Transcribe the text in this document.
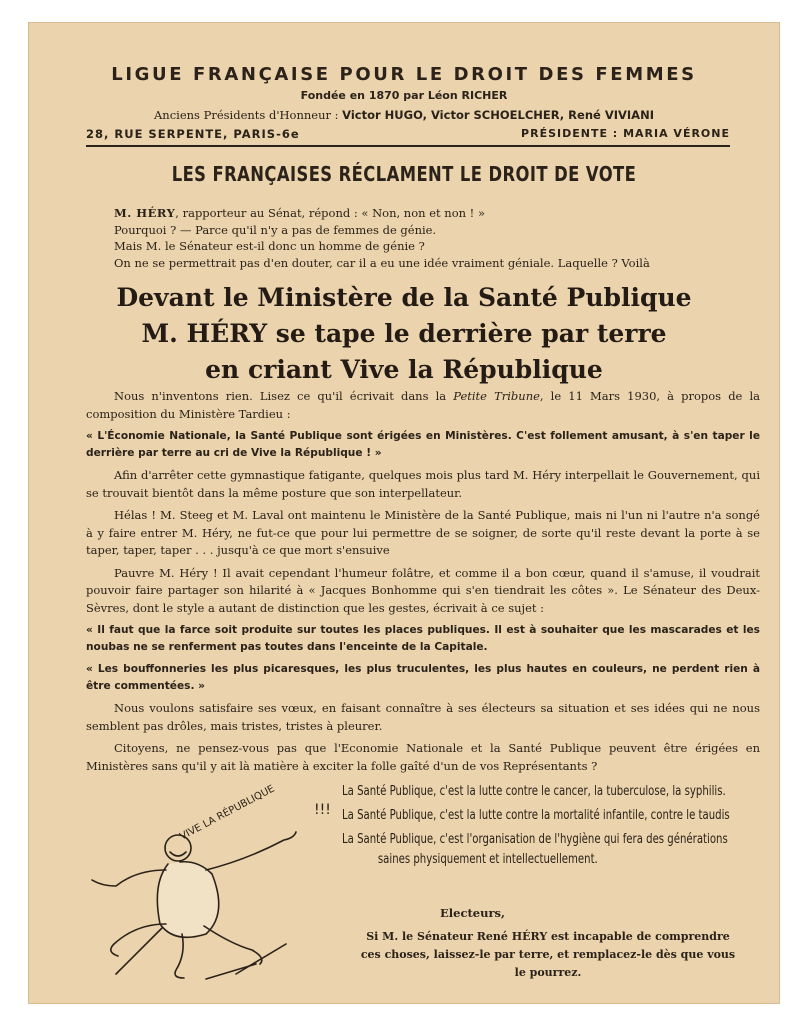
LIGUE FRANÇAISE POUR LE DROIT DES FEMMES
Fondée en 1870 par Léon RICHER
Anciens Présidents d'Honneur : Victor HUGO, Victor SCHOELCHER, René VIVIANI
28, RUE SERPENTE, PARIS-6e	PRÉSIDENTE : MARIA VÉRONE
LES FRANÇAISES RÉCLAMENT LE DROIT DE VOTE

M. HÉRY, rapporteur au Sénat, répond : « Non, non et non ! »

Pourquoi ? — Parce qu'il n'y a pas de femmes de génie.

Mais M. le Sénateur est-il donc un homme de génie ?

On ne se permettrait pas d'en douter, car il a eu une idée vraiment géniale. Laquelle ? Voilà

Devant le Ministère de la Santé Publique
M. HÉRY se tape le derrière par terre
en criant Vive la République

Nous n'inventons rien. Lisez ce qu'il écrivait dans la Petite Tribune, le 11 Mars 1930, à propos de la composition du Ministère Tardieu :

« L'Économie Nationale, la Santé Publique sont érigées en Ministères. C'est follement amusant, à s'en taper le derrière par terre au cri de Vive la République ! »

Afin d'arrêter cette gymnastique fatigante, quelques mois plus tard M. Héry interpellait le Gouvernement, qui se trouvait bientôt dans la même posture que son interpellateur.

Hélas ! M. Steeg et M. Laval ont maintenu le Ministère de la Santé Publique, mais ni l'un ni l'autre n'a songé à y faire entrer M. Héry, ne fut-ce que pour lui permettre de se soigner, de sorte qu'il reste devant la porte à se taper, taper, taper . . . jusqu'à ce que mort s'ensuive

Pauvre M. Héry ! Il avait cependant l'humeur folâtre, et comme il a bon cœur, quand il s'amuse, il voudrait pouvoir faire partager son hilarité à « Jacques Bonhomme qui s'en tiendrait les côtes ». Le Sénateur des Deux-Sèvres, dont le style a autant de distinction que les gestes, écrivait à ce sujet :

« Il faut que la farce soit produite sur toutes les places publiques. Il est à souhaiter que les mascarades et les noubas ne se renferment pas toutes dans l'enceinte de la Capitale.

« Les bouffonneries les plus picaresques, les plus truculentes, les plus hautes en couleurs, ne perdent rien à être commentées. »

Nous voulons satisfaire ses vœux, en faisant connaître à ses électeurs sa situation et ses idées qui ne nous semblent pas drôles, mais tristes, tristes à pleurer.

Citoyens, ne pensez-vous pas que l'Economie Nationale et la Santé Publique peuvent être érigées en Ministères sans qu'il y ait là matière à exciter la folle gaîté d'un de vos Représentants ?

VIVE LA RÉPUBLIQUE	!!!

La Santé Publique, c'est la lutte contre le cancer, la tuberculose, la syphilis.

La Santé Publique, c'est la lutte contre la mortalité infantile, contre le taudis

La Santé Publique, c'est l'organisation de l'hygiène qui fera des générations

saines physiquement et intellectuellement.

Electeurs,
Si M. le Sénateur René HÉRY est incapable de comprendre ces choses, laissez-le par terre, et remplacez-le dès que vous le pourrez.
